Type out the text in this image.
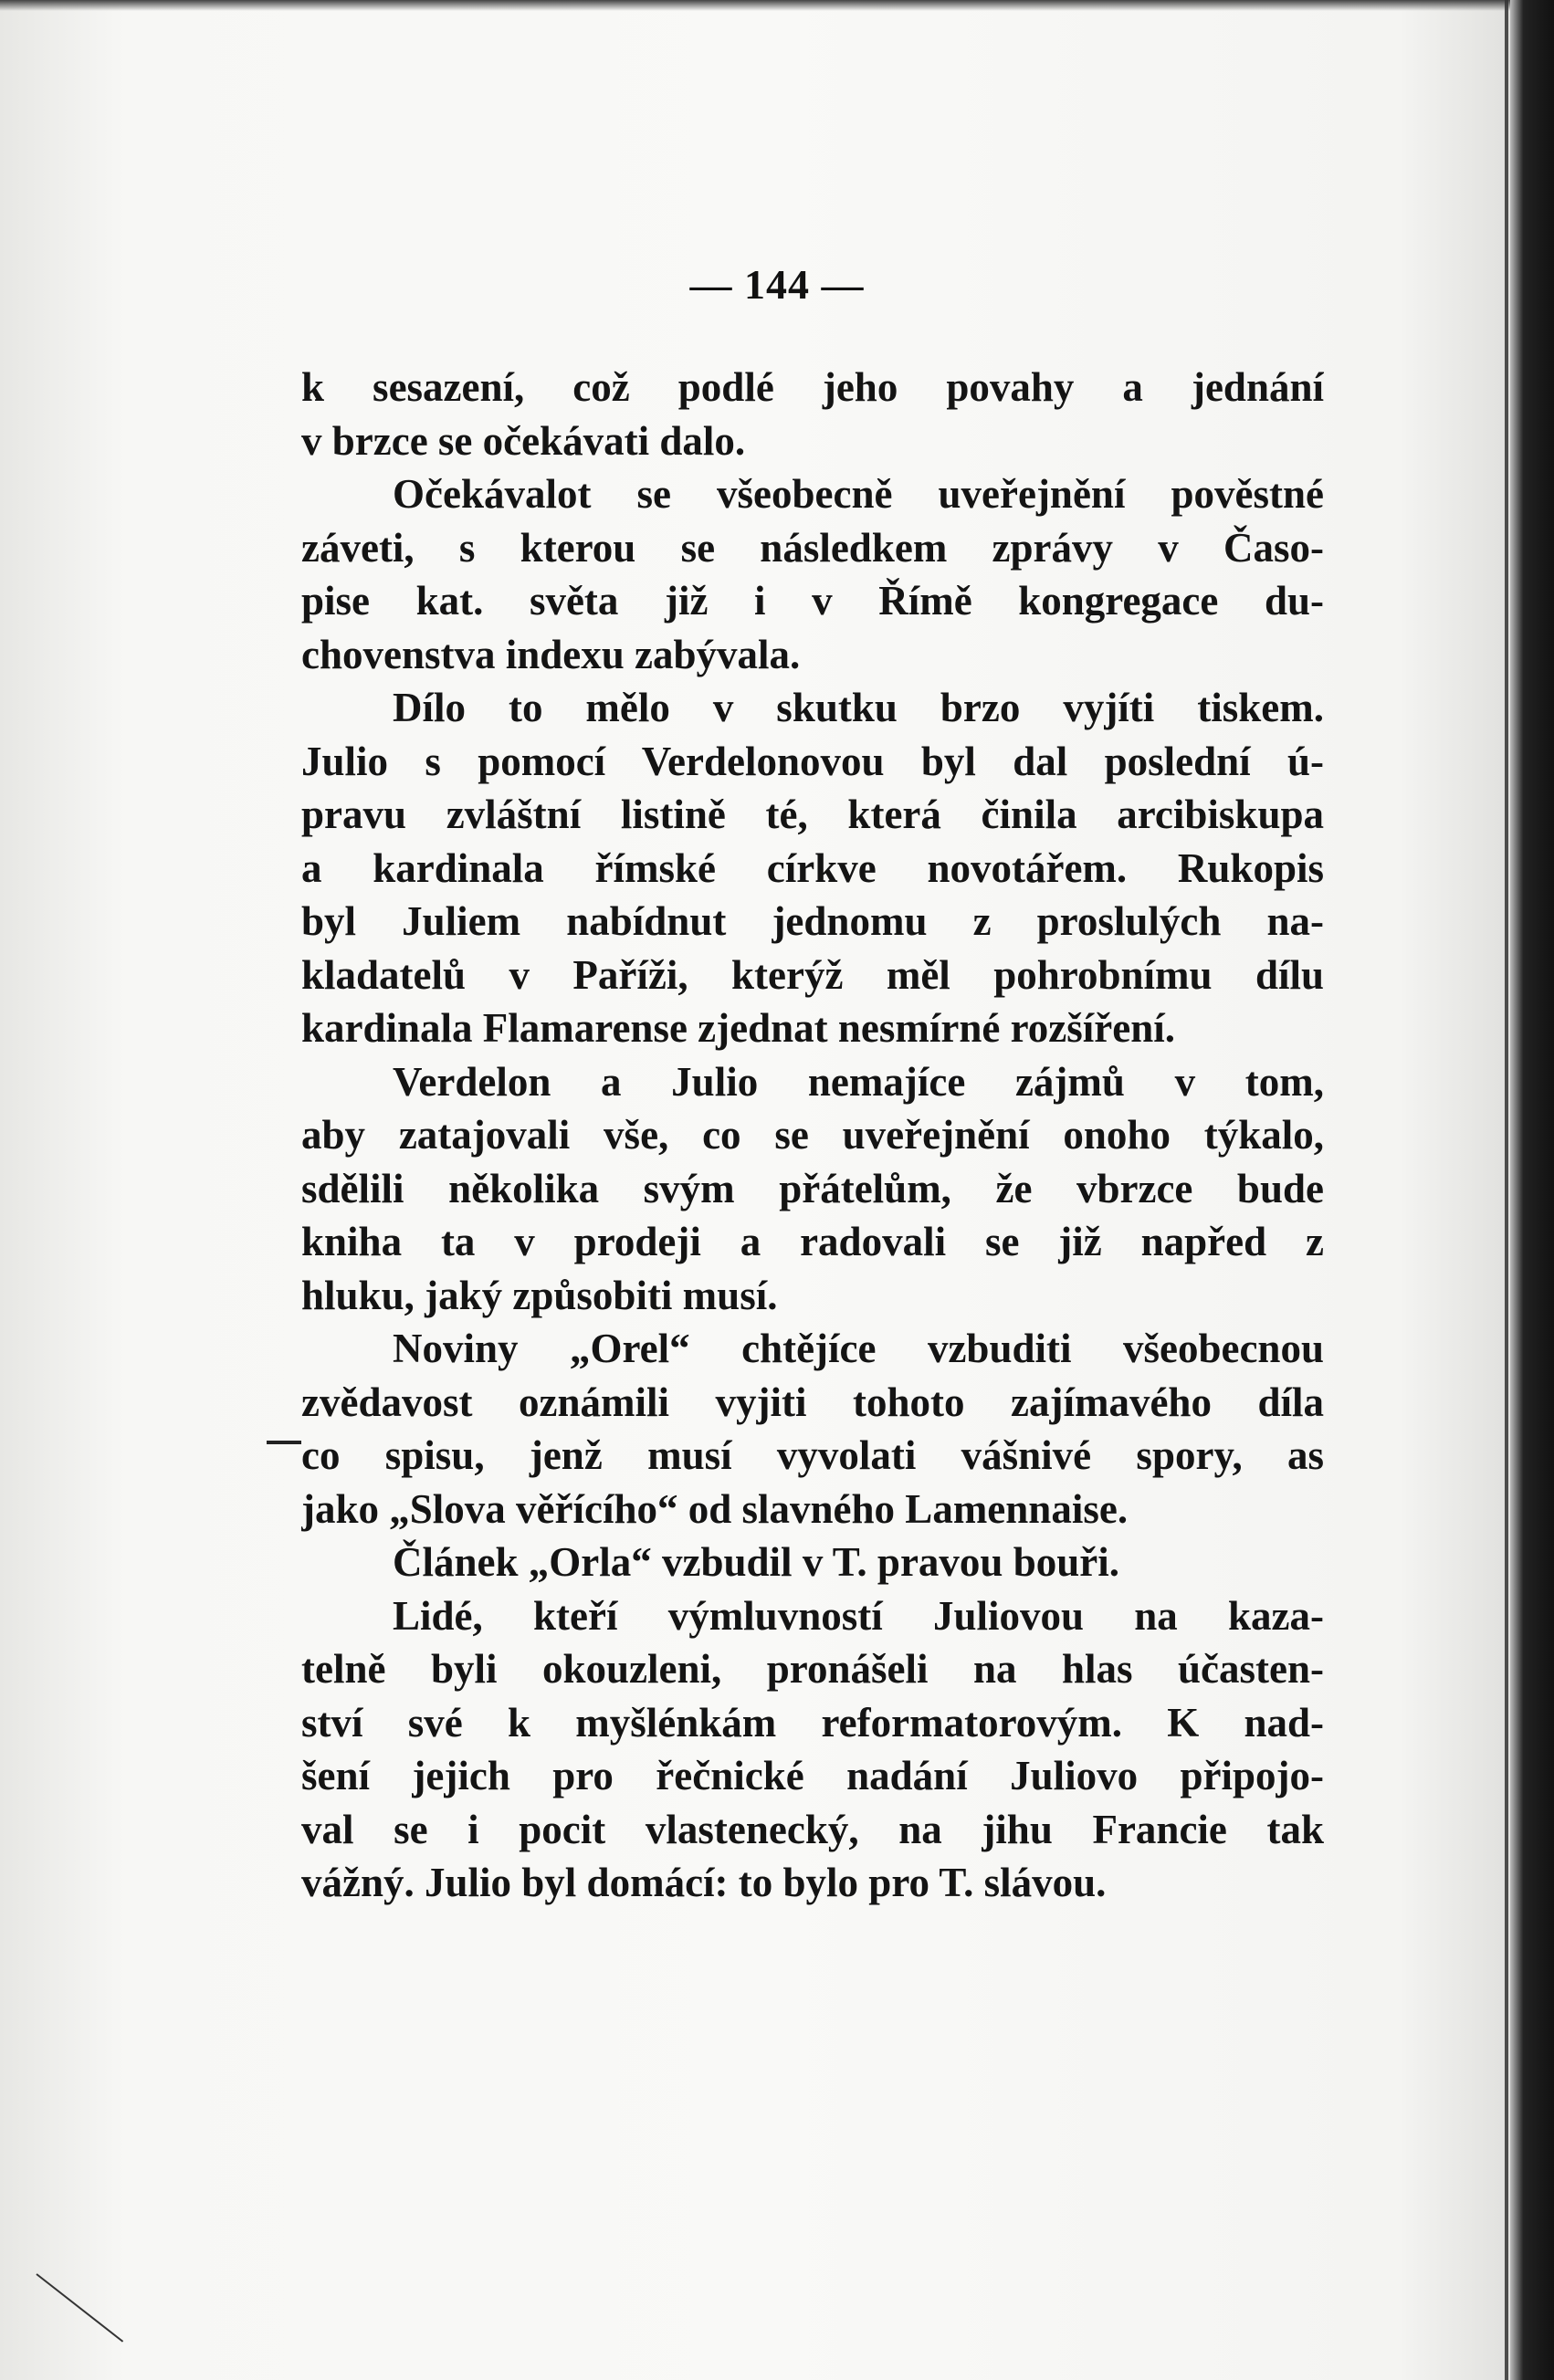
— 144 —
k sesazení, což podlé jeho povahy a jednání
v brzce se očekávati dalo.
Očekávalot se všeobecně uveřejnění pověstné
záveti, s kterou se následkem zprávy v Časo-
pise kat. světa již i v Římě kongregace du-
chovenstva indexu zabývala.
Dílo to mělo v skutku brzo vyjíti tiskem.
Julio s pomocí Verdelonovou byl dal poslední ú-
pravu zvláštní listině té, která činila arcibiskupa
a kardinala římské církve novotářem. Rukopis
byl Juliem nabídnut jednomu z proslulých na-
kladatelů v Paříži, kterýž měl pohrobnímu dílu
kardinala Flamarense zjednat nesmírné rozšíření.
Verdelon a Julio nemajíce zájmů v tom,
aby zatajovali vše, co se uveřejnění onoho týkalo,
sdělili několika svým přátelům, že vbrzce bude
kniha ta v prodeji a radovali se již napřed z
hluku, jaký způsobiti musí.
Noviny „Orel“ chtějíce vzbuditi všeobecnou
zvědavost oznámili vyjiti tohoto zajímavého díla
co spisu, jenž musí vyvolati vášnivé spory, as
jako „Slova věřícího“ od slavného Lamennaise.
Článek „Orla“ vzbudil v T. pravou bouři.
Lidé, kteří výmluvností Juliovou na kaza-
telně byli okouzleni, pronášeli na hlas účasten-
ství své k myšlénkám reformatorovým. K nad-
šení jejich pro řečnické nadání Juliovo připojo-
val se i pocit vlastenecký, na jihu Francie tak
vážný. Julio byl domácí: to bylo pro T. slávou.
